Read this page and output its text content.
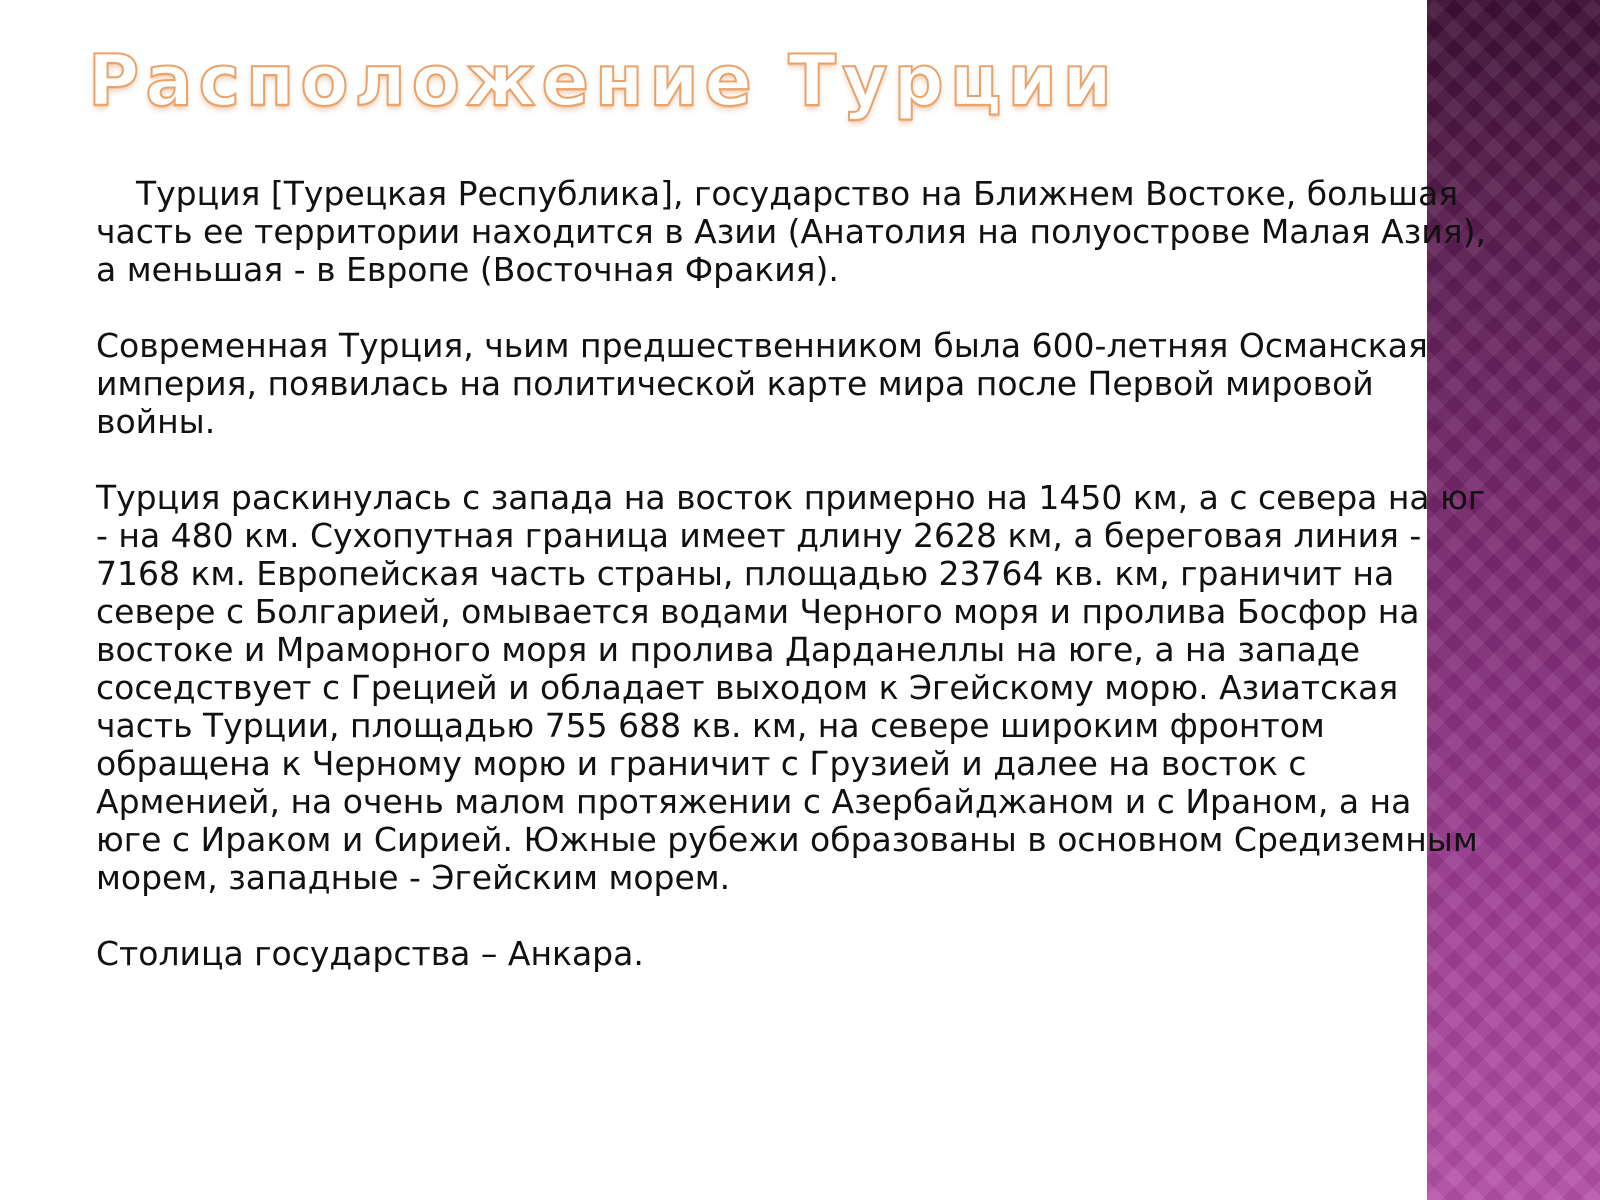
Расположение Турции

Турция [Турецкая Республика], государство на Ближнем Востоке, большая часть ее территории находится в Азии (Анатолия на полуострове Малая Азия), а меньшая - в Европе (Восточная Фракия).

Современная Турция, чьим предшественником была 600-летняя Османская империя, появилась на политической карте мира после Первой мировой войны.

Турция раскинулась с запада на восток примерно на 1450 км, а с севера на юг - на 480 км. Сухопутная граница имеет длину 2628 км, а береговая линия - 7168 км. Европейская часть страны, площадью 23764 кв. км, граничит на севере с Болгарией, омывается водами Черного моря и пролива Босфор на востоке и Мраморного моря и пролива Дарданеллы на юге, а на западе соседствует с Грецией и обладает выходом к Эгейскому морю. Азиатская часть Турции, площадью 755 688 кв. км, на севере широким фронтом обращена к Черному морю и граничит с Грузией и далее на восток с Арменией, на очень малом протяжении с Азербайджаном и с Ираном, а на юге с Ираком и Сирией. Южные рубежи образованы в основном Средиземным морем, западные - Эгейским морем.

Столица государства – Анкара.
